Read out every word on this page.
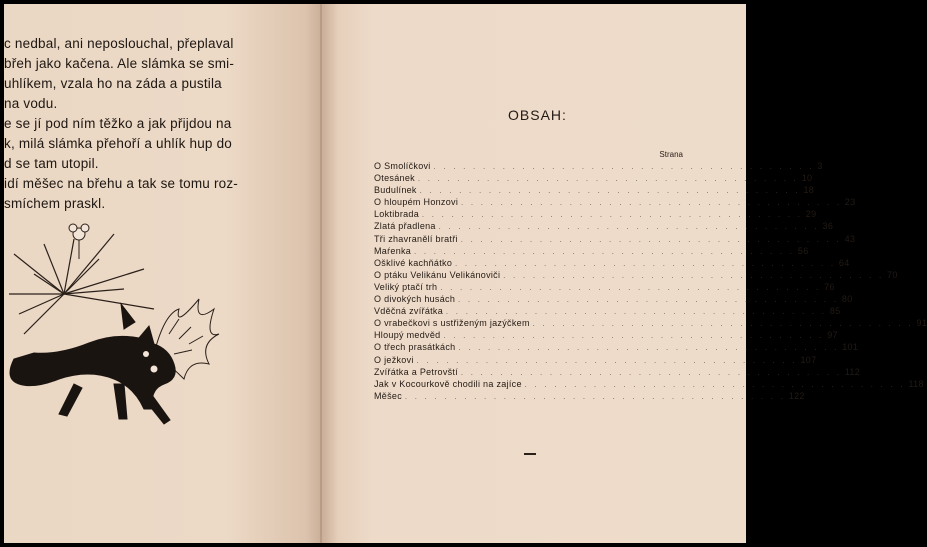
c nedbal, ani neposlouchal, přeplaval
břeh jako kačena. Ale slámka se smi-
uhlíkem, vzala ho na záda a pustila
na vodu.
e se jí pod ním těžko a jak přijdou na
k, milá slámka přehoří a uhlík hup do
d se tam utopil.
idí měšec na břehu a tak se tomu roz-
smíchem praskl.
OBSAH:
Strana
O Smolíčkovi . . . . . . . . . . . . . . . . . . . . . . . . . . . . . . . . . . . . . . . 3
Otesánek . . . . . . . . . . . . . . . . . . . . . . . . . . . . . . . . . . . . . . . 10
Budulínek . . . . . . . . . . . . . . . . . . . . . . . . . . . . . . . . . . . . . . . 18
O hloupém Honzovi . . . . . . . . . . . . . . . . . . . . . . . . . . . . . . . . . . . . . . . 23
Loktibrada . . . . . . . . . . . . . . . . . . . . . . . . . . . . . . . . . . . . . . . 29
Zlatá přadlena . . . . . . . . . . . . . . . . . . . . . . . . . . . . . . . . . . . . . . . 36
Tři zhavranělí bratři . . . . . . . . . . . . . . . . . . . . . . . . . . . . . . . . . . . . . . . 43
Maŕenka . . . . . . . . . . . . . . . . . . . . . . . . . . . . . . . . . . . . . . . 56
Ošklivé kachňátko . . . . . . . . . . . . . . . . . . . . . . . . . . . . . . . . . . . . . . . 64
O ptáku Velikánu Velikánoviči . . . . . . . . . . . . . . . . . . . . . . . . . . . . . . . . . . . . . . . 70
Veliký ptačí trh . . . . . . . . . . . . . . . . . . . . . . . . . . . . . . . . . . . . . . . 76
O divokých husách . . . . . . . . . . . . . . . . . . . . . . . . . . . . . . . . . . . . . . . 80
Vděčná zvířátka . . . . . . . . . . . . . . . . . . . . . . . . . . . . . . . . . . . . . . . 85
O vrabečkovi s ustřiženým jazýčkem . . . . . . . . . . . . . . . . . . . . . . . . . . . . . . . . . . . . . . . 91
Hloupý medvěd . . . . . . . . . . . . . . . . . . . . . . . . . . . . . . . . . . . . . . . 97
O třech prasátkách . . . . . . . . . . . . . . . . . . . . . . . . . . . . . . . . . . . . . . . 101
O ježkovi . . . . . . . . . . . . . . . . . . . . . . . . . . . . . . . . . . . . . . . 107
Zvířátka a Petrovští . . . . . . . . . . . . . . . . . . . . . . . . . . . . . . . . . . . . . . . 112
Jak v Kocourkově chodili na zajíce . . . . . . . . . . . . . . . . . . . . . . . . . . . . . . . . . . . . . . . 118
Měšec . . . . . . . . . . . . . . . . . . . . . . . . . . . . . . . . . . . . . . . 122
